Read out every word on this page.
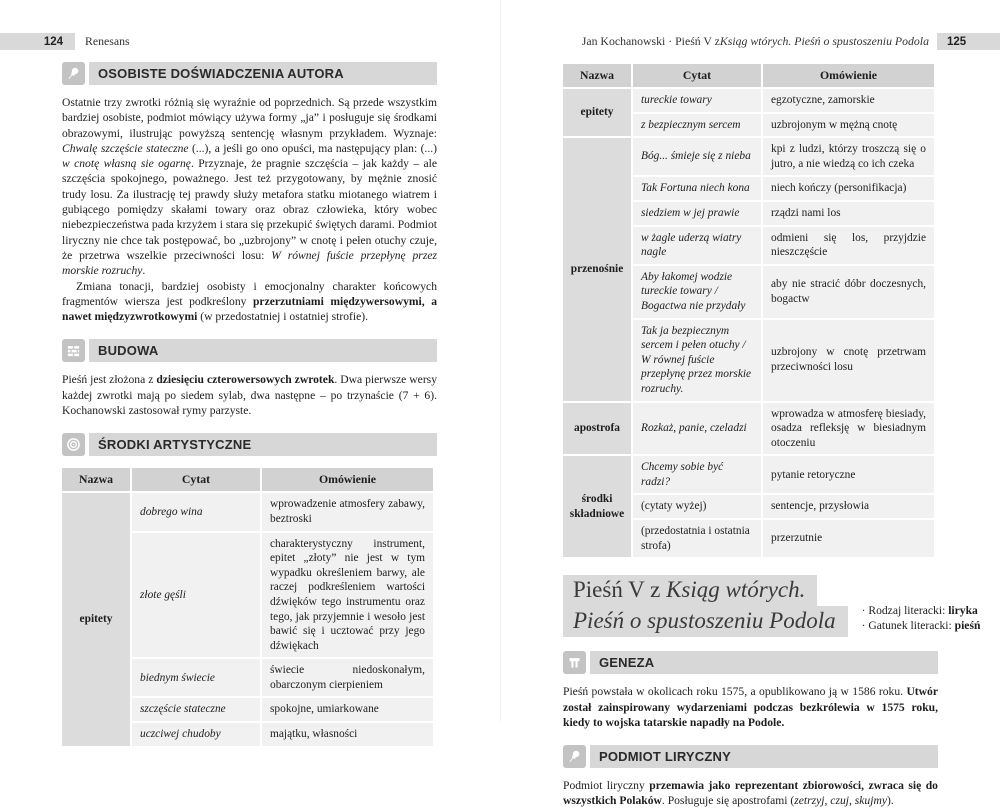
124 Renesans
OSOBISTE DOŚWIADCZENIA AUTORA

Ostatnie trzy zwrotki różnią się wyraźnie od poprzednich. Są przede wszystkim bardziej osobiste, podmiot mówiący używa formy „ja” i posługuje się środkami obrazowymi, ilustrując powyższą sentencję własnym przykładem. Wyznaje: Chwalę szczęście stateczne (...), a jeśli go ono opuści, ma następujący plan: (...) w cnotę własną sie ogarnę. Przyznaje, że pragnie szczęścia – jak każdy – ale szczęścia spokojnego, poważnego. Jest też przygotowany, by mężnie znosić trudy losu. Za ilustrację tej prawdy służy metafora statku miotanego wiatrem i gubiącego pomiędzy skałami towary oraz obraz człowieka, który wobec niebezpieczeństwa pada krzyżem i stara się przekupić świętych darami. Podmiot liryczny nie chce tak postępować, bo „uzbrojony” w cnotę i pełen otuchy czuje, że przetrwa wszelkie przeciwności losu: W równej fuście przepłynę przez morskie rozruchy.

Zmiana tonacji, bardziej osobisty i emocjonalny charakter końcowych fragmentów wiersza jest podkreślony przerzutniami międzywersowymi, a nawet międzyzwrotkowymi (w przedostatniej i ostatniej strofie).

BUDOWA

Pieśń jest złożona z dziesięciu czterowersowych zwrotek. Dwa pierwsze wersy każdej zwrotki mają po siedem sylab, dwa następne – po trzynaście (7 + 6). Kochanowski zastosował rymy parzyste.

ŚRODKI ARTYSTYCZNE
Nazwa	Cytat	Omówienie
epitety	dobrego wina	wprowadzenie atmosfery zabawy, beztroski
	złote gęśli	charakterystyczny instrument, epitet „złoty” nie jest w tym wypadku określeniem barwy, ale raczej podkreśleniem wartości dźwięków tego instrumentu oraz tego, jak przyjemnie i wesoło jest bawić się i ucztować przy jego dźwiękach
	biednym świecie	świecie niedoskonałym, obarczonym cierpieniem
	szczęście stateczne	spokojne, umiarkowane
	uczciwej chudoby	majątku, własności
Jan Kochanowski · Pieśń V z Ksiąg wtórych. Pieśń o spustoszeniu Podola 125
Nazwa	Cytat	Omówienie
epitety	tureckie towary	egzotyczne, zamorskie
	z bezpiecznym sercem	uzbrojonym w mężną cnotę
przenośnie	Bóg... śmieje się z nieba	kpi z ludzi, którzy troszczą się o jutro, a nie wiedzą co ich czeka
	Tak Fortuna niech kona	niech kończy (personifikacja)
	siedziem w jej prawie	rządzi nami los
	w żagle uderzą wiatry nagle	odmieni się los, przyjdzie nieszczęście
	Aby łakomej wodzie tureckie towary / Bogactwa nie przydały	aby nie stracić dóbr doczesnych, bogactw
	Tak ja bezpiecznym sercem i pełen otuchy / W równej fuście przepłynę przez morskie rozruchy.	uzbrojony w cnotę przetrwam przeciwności losu
apostrofa	Rozkaż, panie, czeladzi	wprowadza w atmosferę biesiady, osadza refleksję w biesiadnym otoczeniu
środki składniowe	Chcemy sobie być radzi?	pytanie retoryczne
	(cytaty wyżej)	sentencje, przysłowia
	(przedostatnia i ostatnia strofa)	przerzutnie
Pieśń V z Ksiąg wtórych.
Pieśń o spustoszeniu Podola · Rodzaj literacki: liryka
· Gatunek literacki: pieśń
GENEZA

Pieśń powstała w okolicach roku 1575, a opublikowano ją w 1586 roku. Utwór został zainspirowany wydarzeniami podczas bezkrólewia w 1575 roku, kiedy to wojska tatarskie napadły na Podole.

PODMIOT LIRYCZNY

Podmiot liryczny przemawia jako reprezentant zbiorowości, zwraca się do wszystkich Polaków. Posługuje się apostrofami (zetrzyj, czuj, skujmy).
